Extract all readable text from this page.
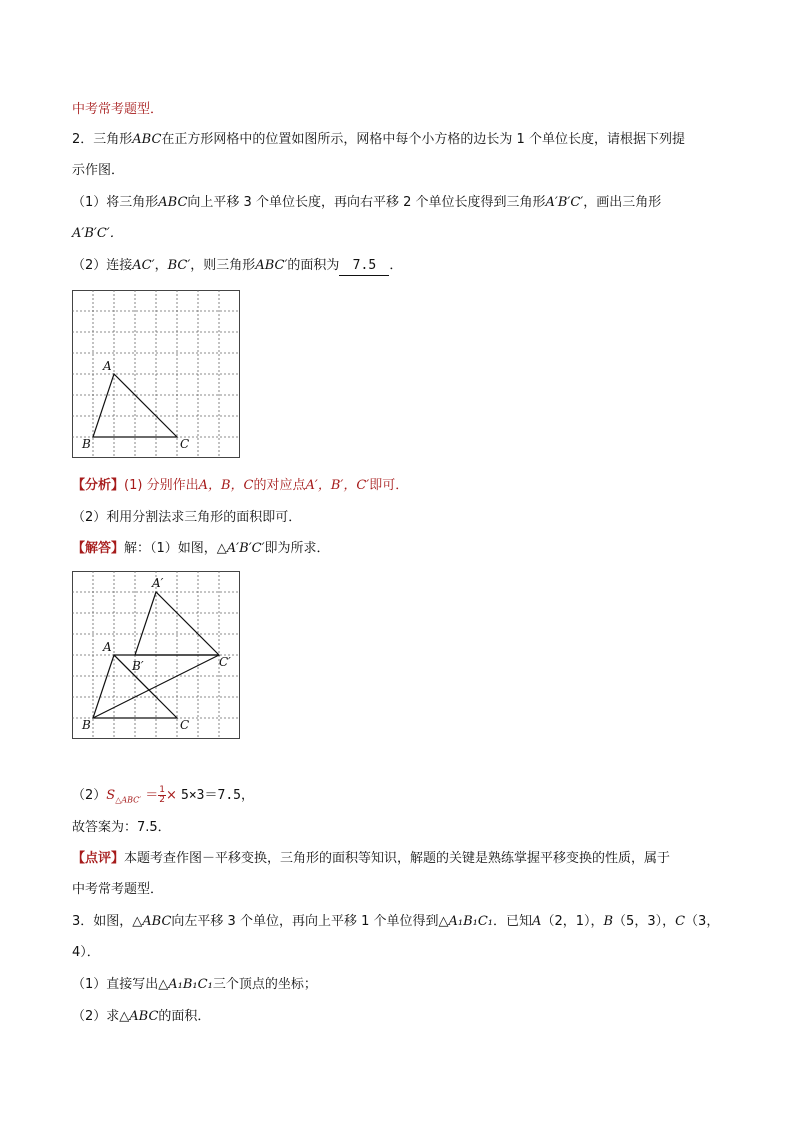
中考常考题型．
2．三角形ABC在正方形网格中的位置如图所示，网格中每个小方格的边长为 1 个单位长度，请根据下列提
示作图．
（1）将三角形ABC向上平移 3 个单位长度，再向右平移 2 个单位长度得到三角形A′B′C′，画出三角形
A′B′C′．
（2）连接AC′，BC′，则三角形ABC′的面积为 7.5 ．
A
B	C
【分析】(1) 分别作出A，B，C的对应点A′，B′，C′即可．
（2）利用分割法求三角形的面积即可．
【解答】解：（1）如图，△A′B′C′即为所求．
A
B	C
A′
B′	C′
$(2)S_{\triangle ABC'} = \frac{1}{2} \times 5\times 3=7.5$，
故答案为：7.5．
【点评】本题考查作图－平移变换，三角形的面积等知识，解题的关键是熟练掌握平移变换的性质，属于
中考常考题型．
3．如图，△ABC向左平移 3 个单位，再向上平移 1 个单位得到△A₁B₁C₁．已知A（2，1），B（5，3），C（3，
4）．
（1）直接写出△A₁B₁C₁三个顶点的坐标；
（2）求△ABC的面积．
